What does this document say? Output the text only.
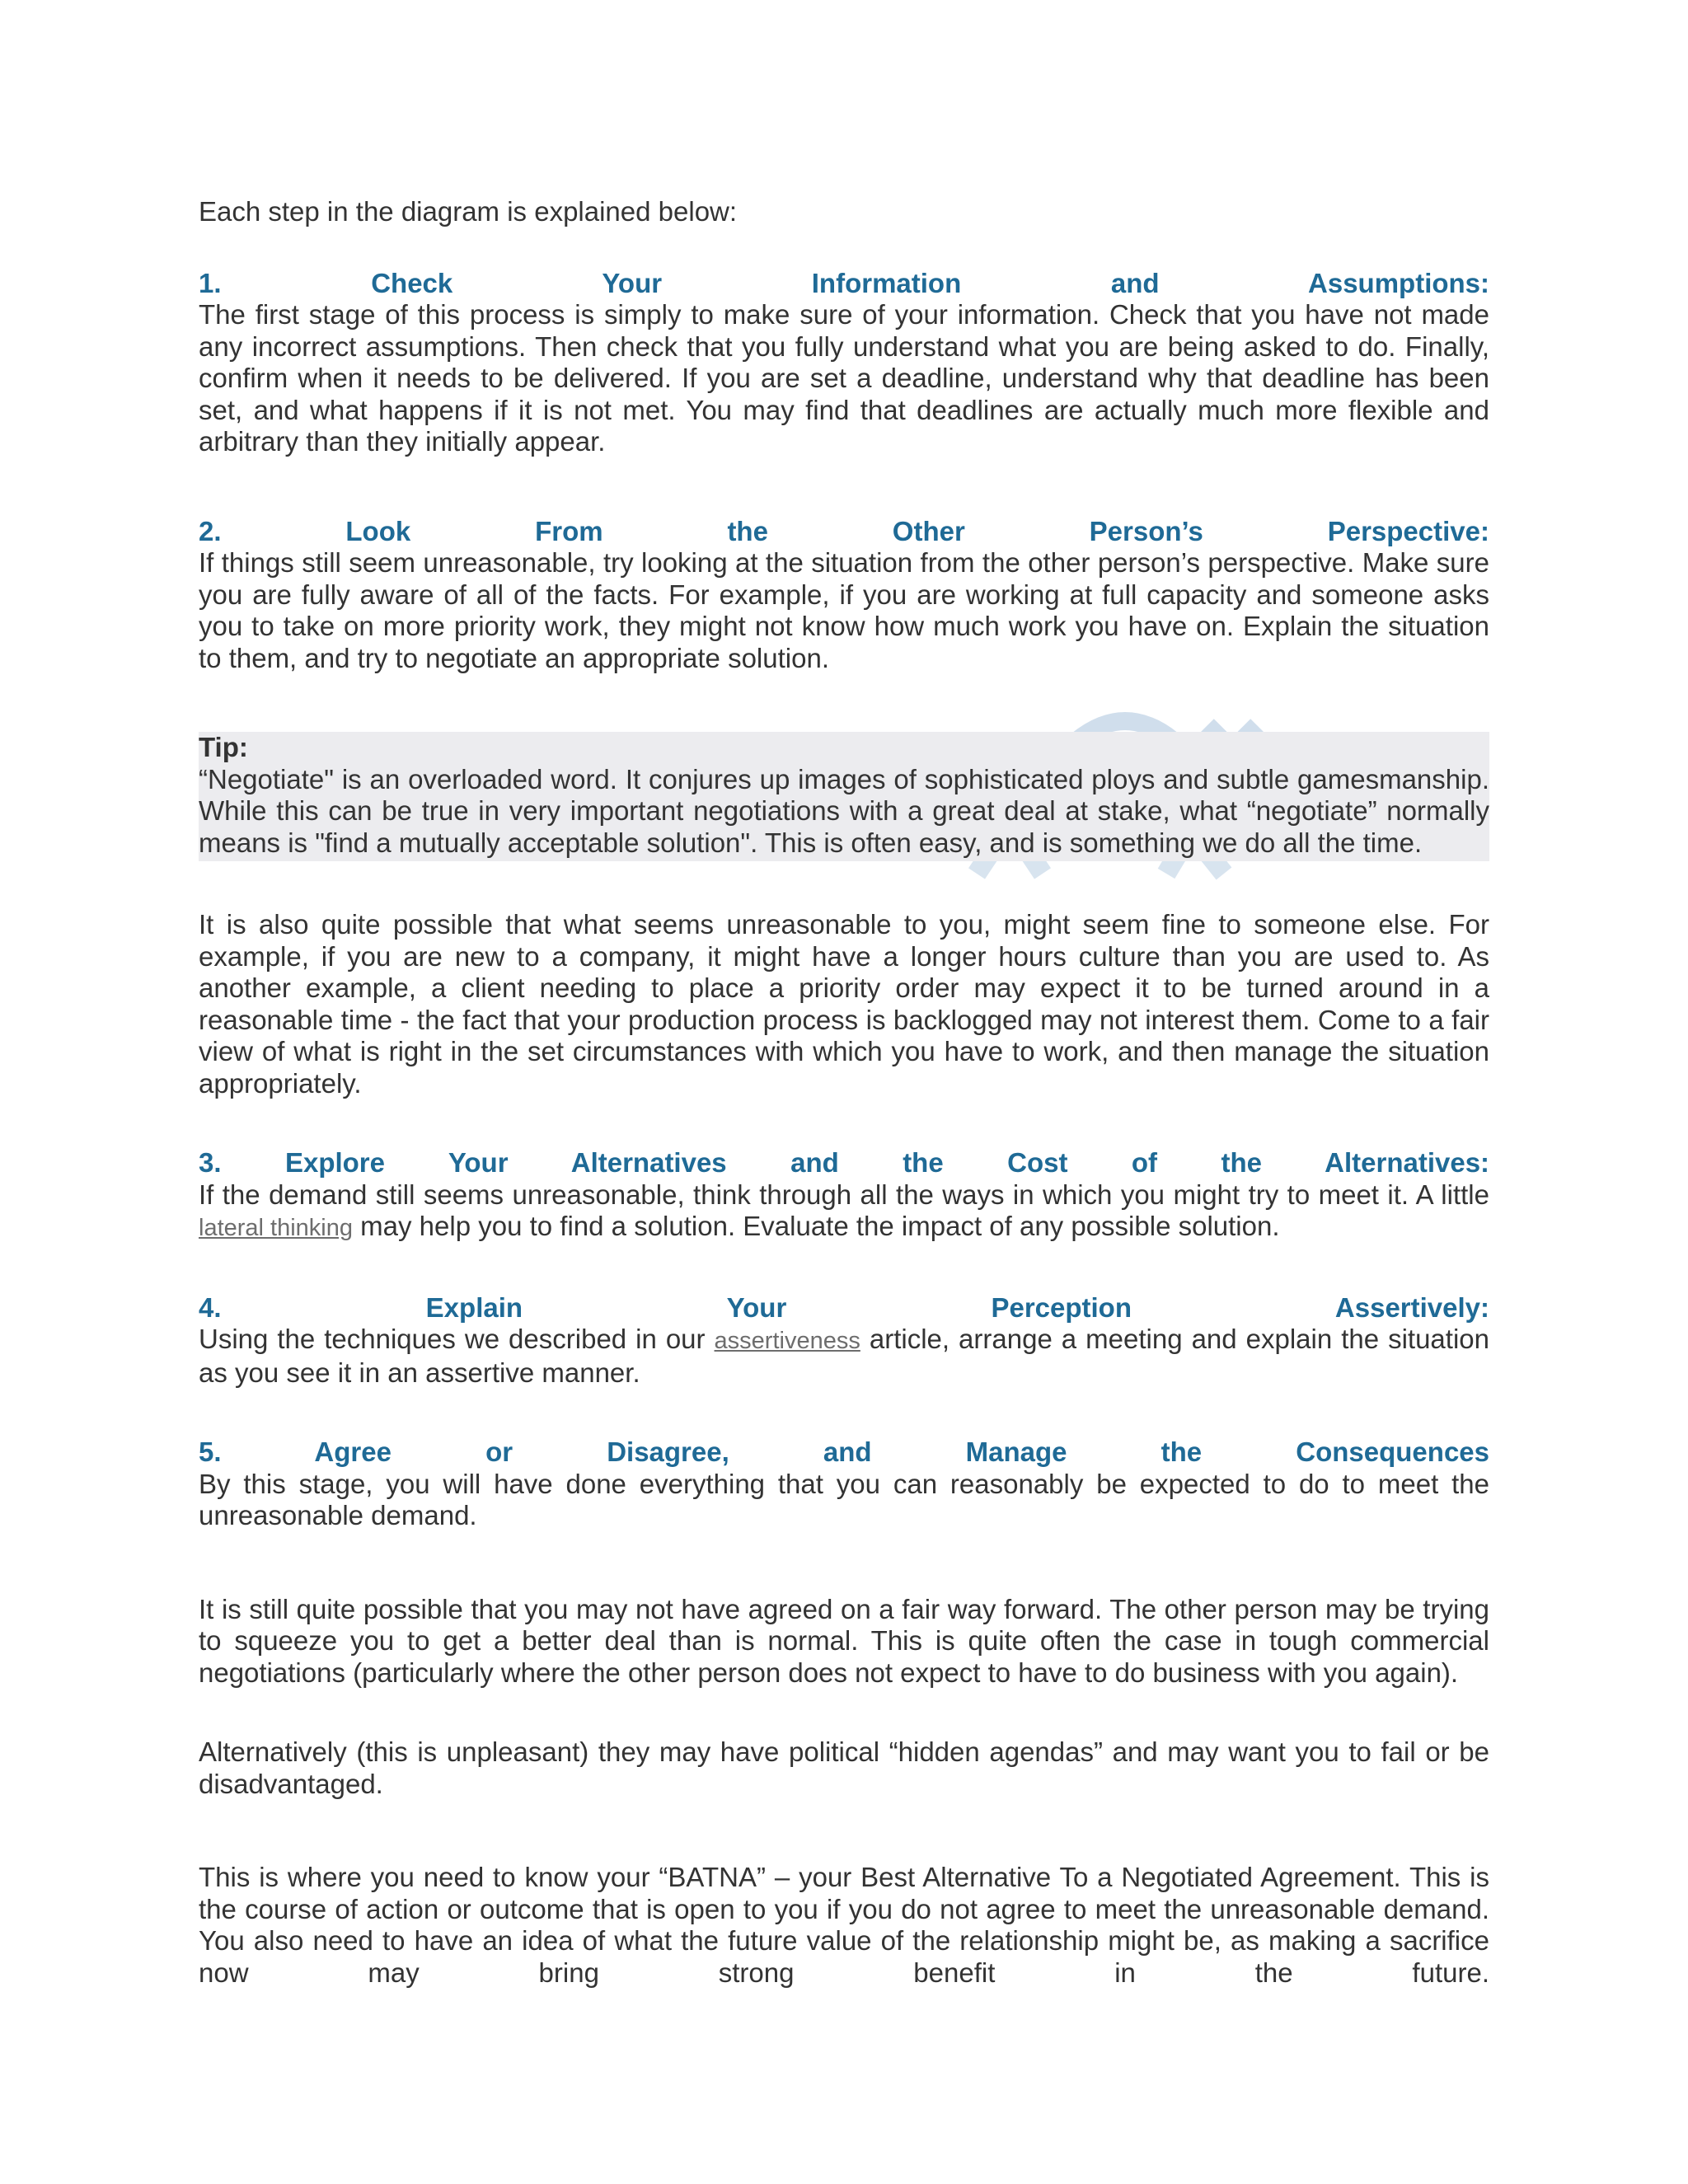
Each step in the diagram is explained below:

1.	Check	Your	Information	and	Assumptions:

The first stage of this process is simply to make sure of your information. Check that you have not made any incorrect assumptions. Then check that you fully understand what you are being asked to do. Finally, confirm when it needs to be delivered. If you are set a deadline, understand why that deadline has been set, and what happens if it is not met. You may find that deadlines are actually much more flexible and arbitrary than they initially appear.

2.	Look	From	the	Other	Person’s	Perspective:

If things still seem unreasonable, try looking at the situation from the other person’s perspective. Make sure you are fully aware of all of the facts. For example, if you are working at full capacity and someone asks you to take on more priority work, they might not know how much work you have on. Explain the situation to them, and try to negotiate an appropriate solution.

Tip:

“Negotiate" is an overloaded word. It conjures up images of sophisticated ploys and subtle gamesmanship. While this can be true in very important negotiations with a great deal at stake, what “negotiate” normally means is "find a mutually acceptable solution". This is often easy, and is something we do all the time.

It is also quite possible that what seems unreasonable to you, might seem fine to someone else. For example, if you are new to a company, it might have a longer hours culture than you are used to. As another example, a client needing to place a priority order may expect it to be turned around in a reasonable time - the fact that your production process is backlogged may not interest them. Come to a fair view of what is right in the set circumstances with which you have to work, and then manage the situation appropriately.

3. Explore Your Alternatives and the Cost of the Alternatives:

If the demand still seems unreasonable, think through all the ways in which you might try to meet it. A little lateral thinking may help you to find a solution. Evaluate the impact of any possible solution.

4.	Explain	Your	Perception	Assertively:

Using the techniques we described in our assertiveness article, arrange a meeting and explain the situation as you see it in an assertive manner.

5.	Agree	or	Disagree,	and	Manage	the	Consequences

By this stage, you will have done everything that you can reasonably be expected to do to meet the unreasonable demand.

It is still quite possible that you may not have agreed on a fair way forward. The other person may be trying to squeeze you to get a better deal than is normal. This is quite often the case in tough commercial negotiations (particularly where the other person does not expect to have to do business with you again).

Alternatively (this is unpleasant) they may have political “hidden agendas” and may want you to fail or be disadvantaged.

This is where you need to know your “BATNA” – your Best Alternative To a Negotiated Agreement. This is the course of action or outcome that is open to you if you do not agree to meet the unreasonable demand. You also need to have an idea of what the future value of the relationship might be, as making a sacrifice now may bring strong benefit in the future.
